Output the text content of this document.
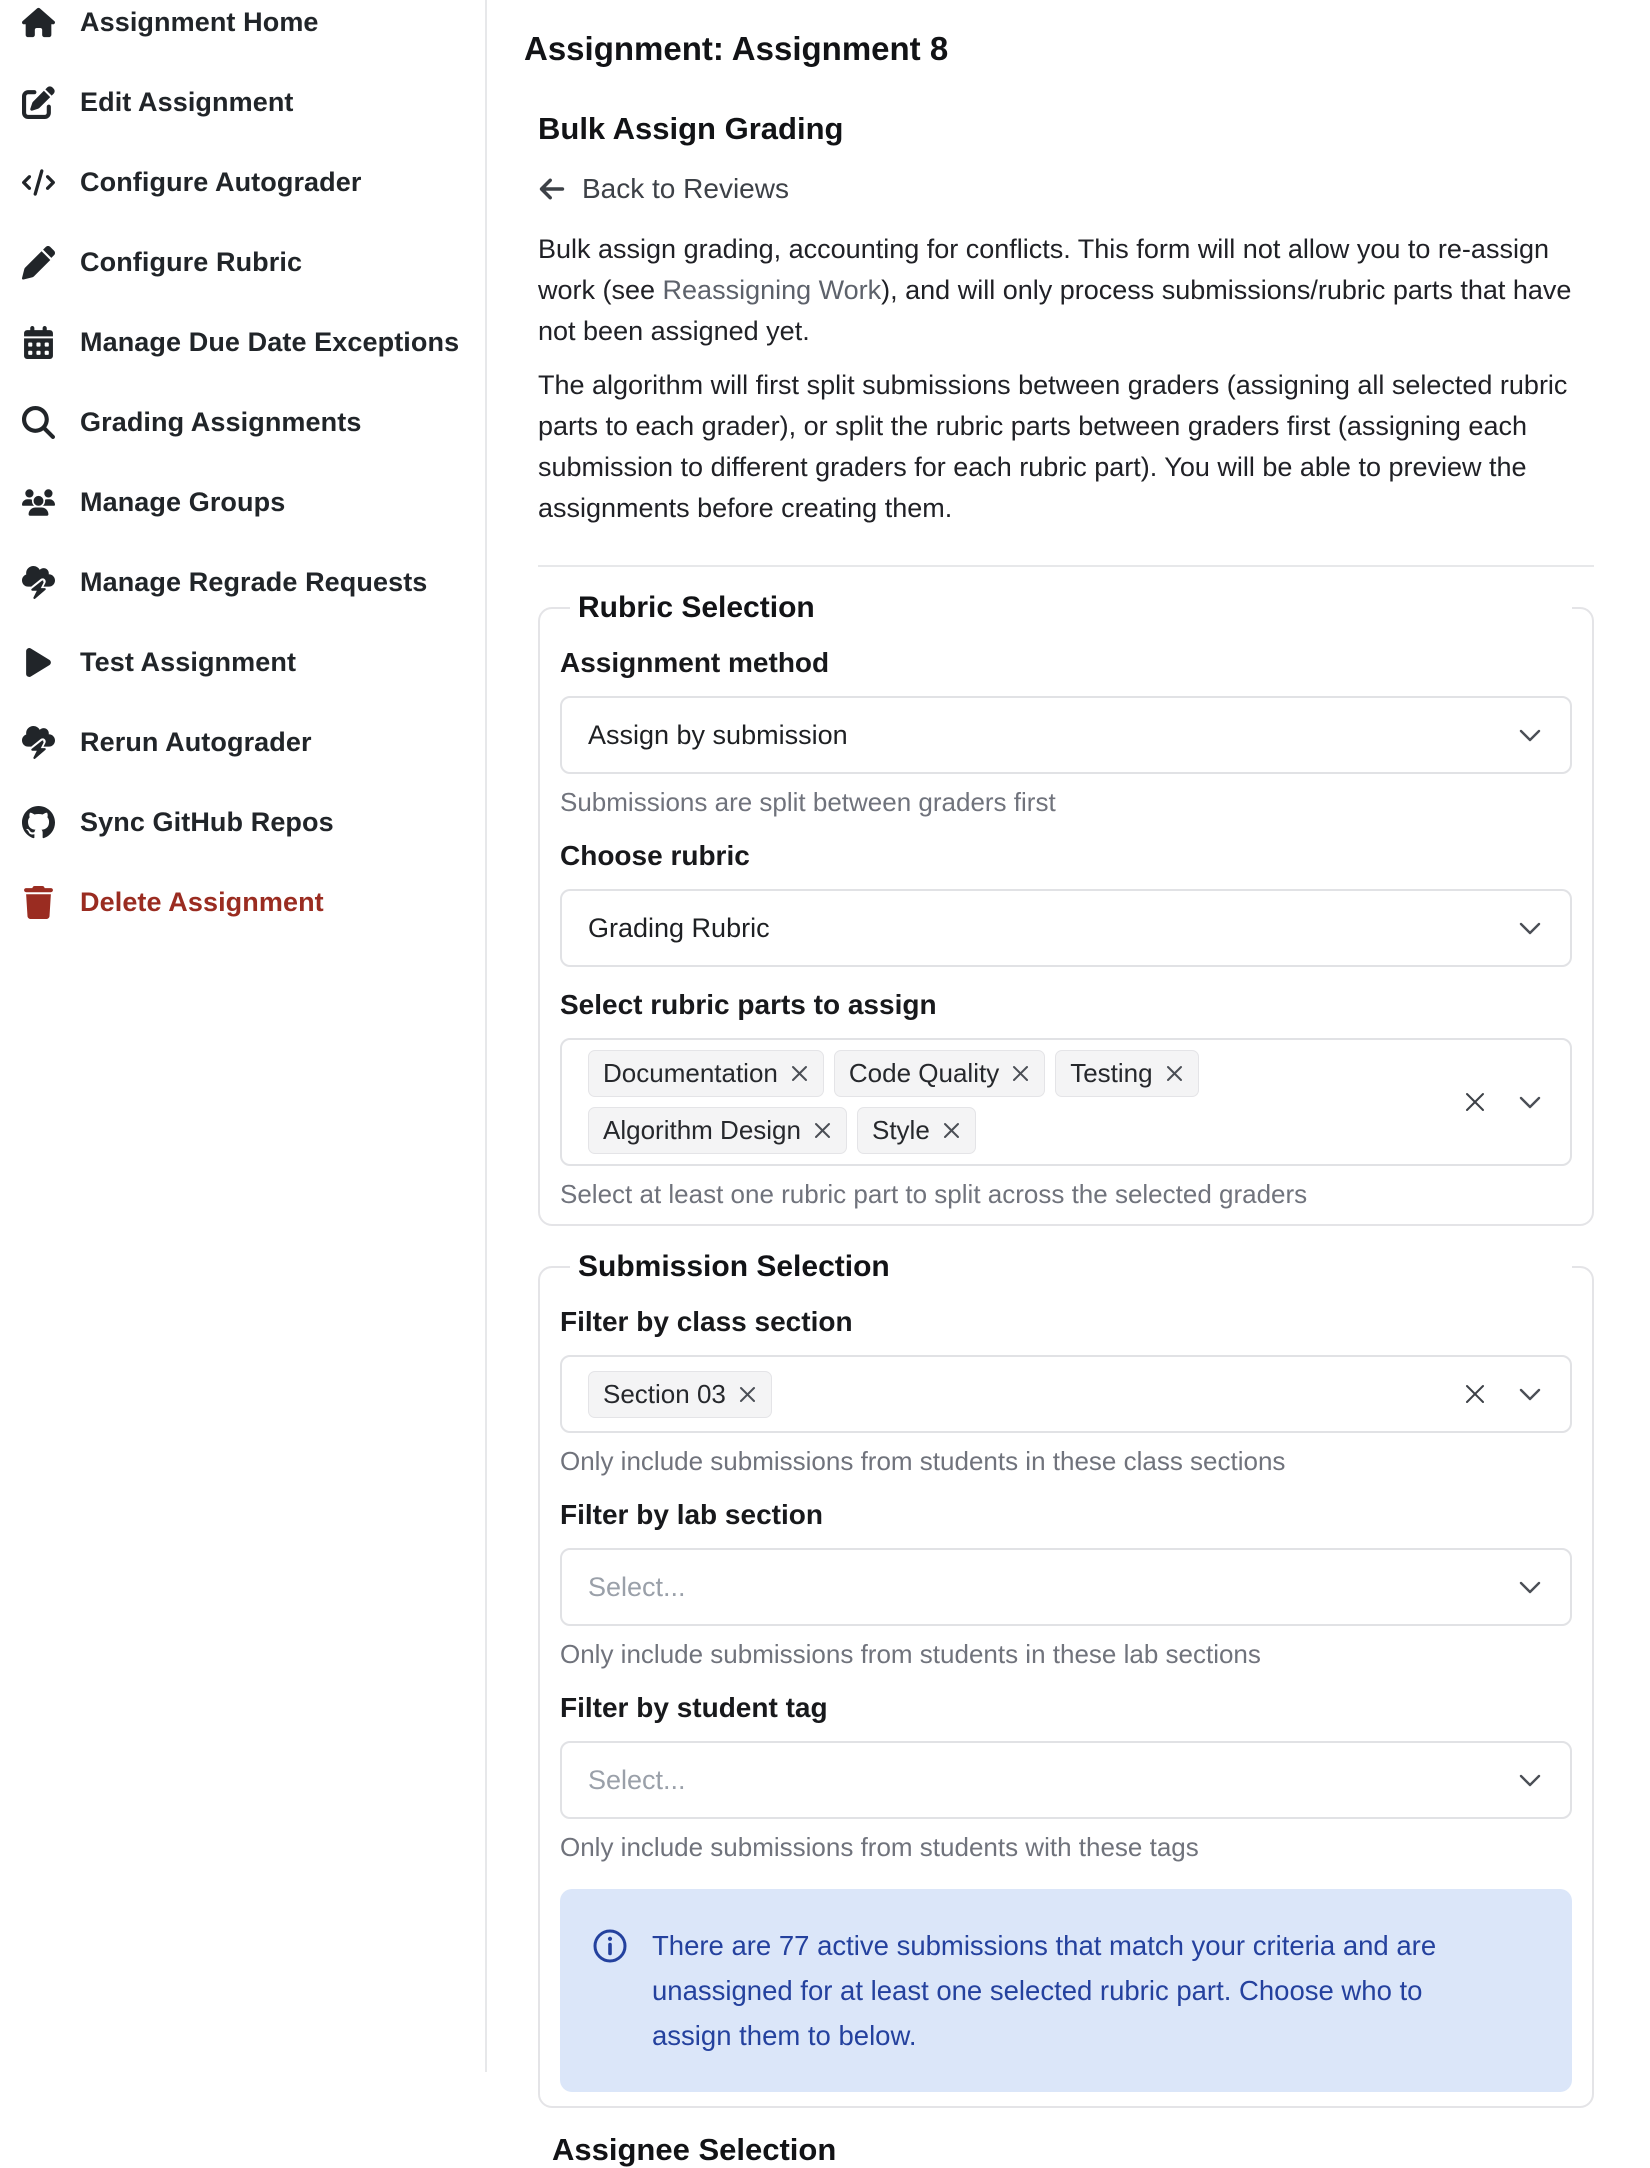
Assignment Home
Edit Assignment
Configure Autograder
Configure Rubric
Manage Due Date Exceptions
Grading Assignments
Manage Groups
Manage Regrade Requests
Test Assignment
Rerun Autograder
Sync GitHub Repos
Delete Assignment
Assignment: Assignment 8
Bulk Assign Grading
Back to Reviews

Bulk assign grading, accounting for conflicts. This form will not allow you to re-assign work (see Reassigning Work), and will only process submissions/rubric parts that have not been assigned yet.

The algorithm will first split submissions between graders (assigning all selected rubric parts to each grader), or split the rubric parts between graders first (assigning each submission to different graders for each rubric part). You will be able to preview the assignments before creating them.

Rubric Selection
Assignment method
Assign by submission
Submissions are split between graders first
Choose rubric
Grading Rubric
Select rubric parts to assign
Documentation	Code Quality	Testing
Algorithm Design	Style
Select at least one rubric part to split across the selected graders
Submission Selection
Filter by class section
Section 03
Only include submissions from students in these class sections
Filter by lab section
Select...
Only include submissions from students in these lab sections
Filter by student tag
Select...
Only include submissions from students with these tags
There are 77 active submissions that match your criteria and are unassigned for at least one selected rubric part. Choose who to assign them to below.
Assignee Selection
